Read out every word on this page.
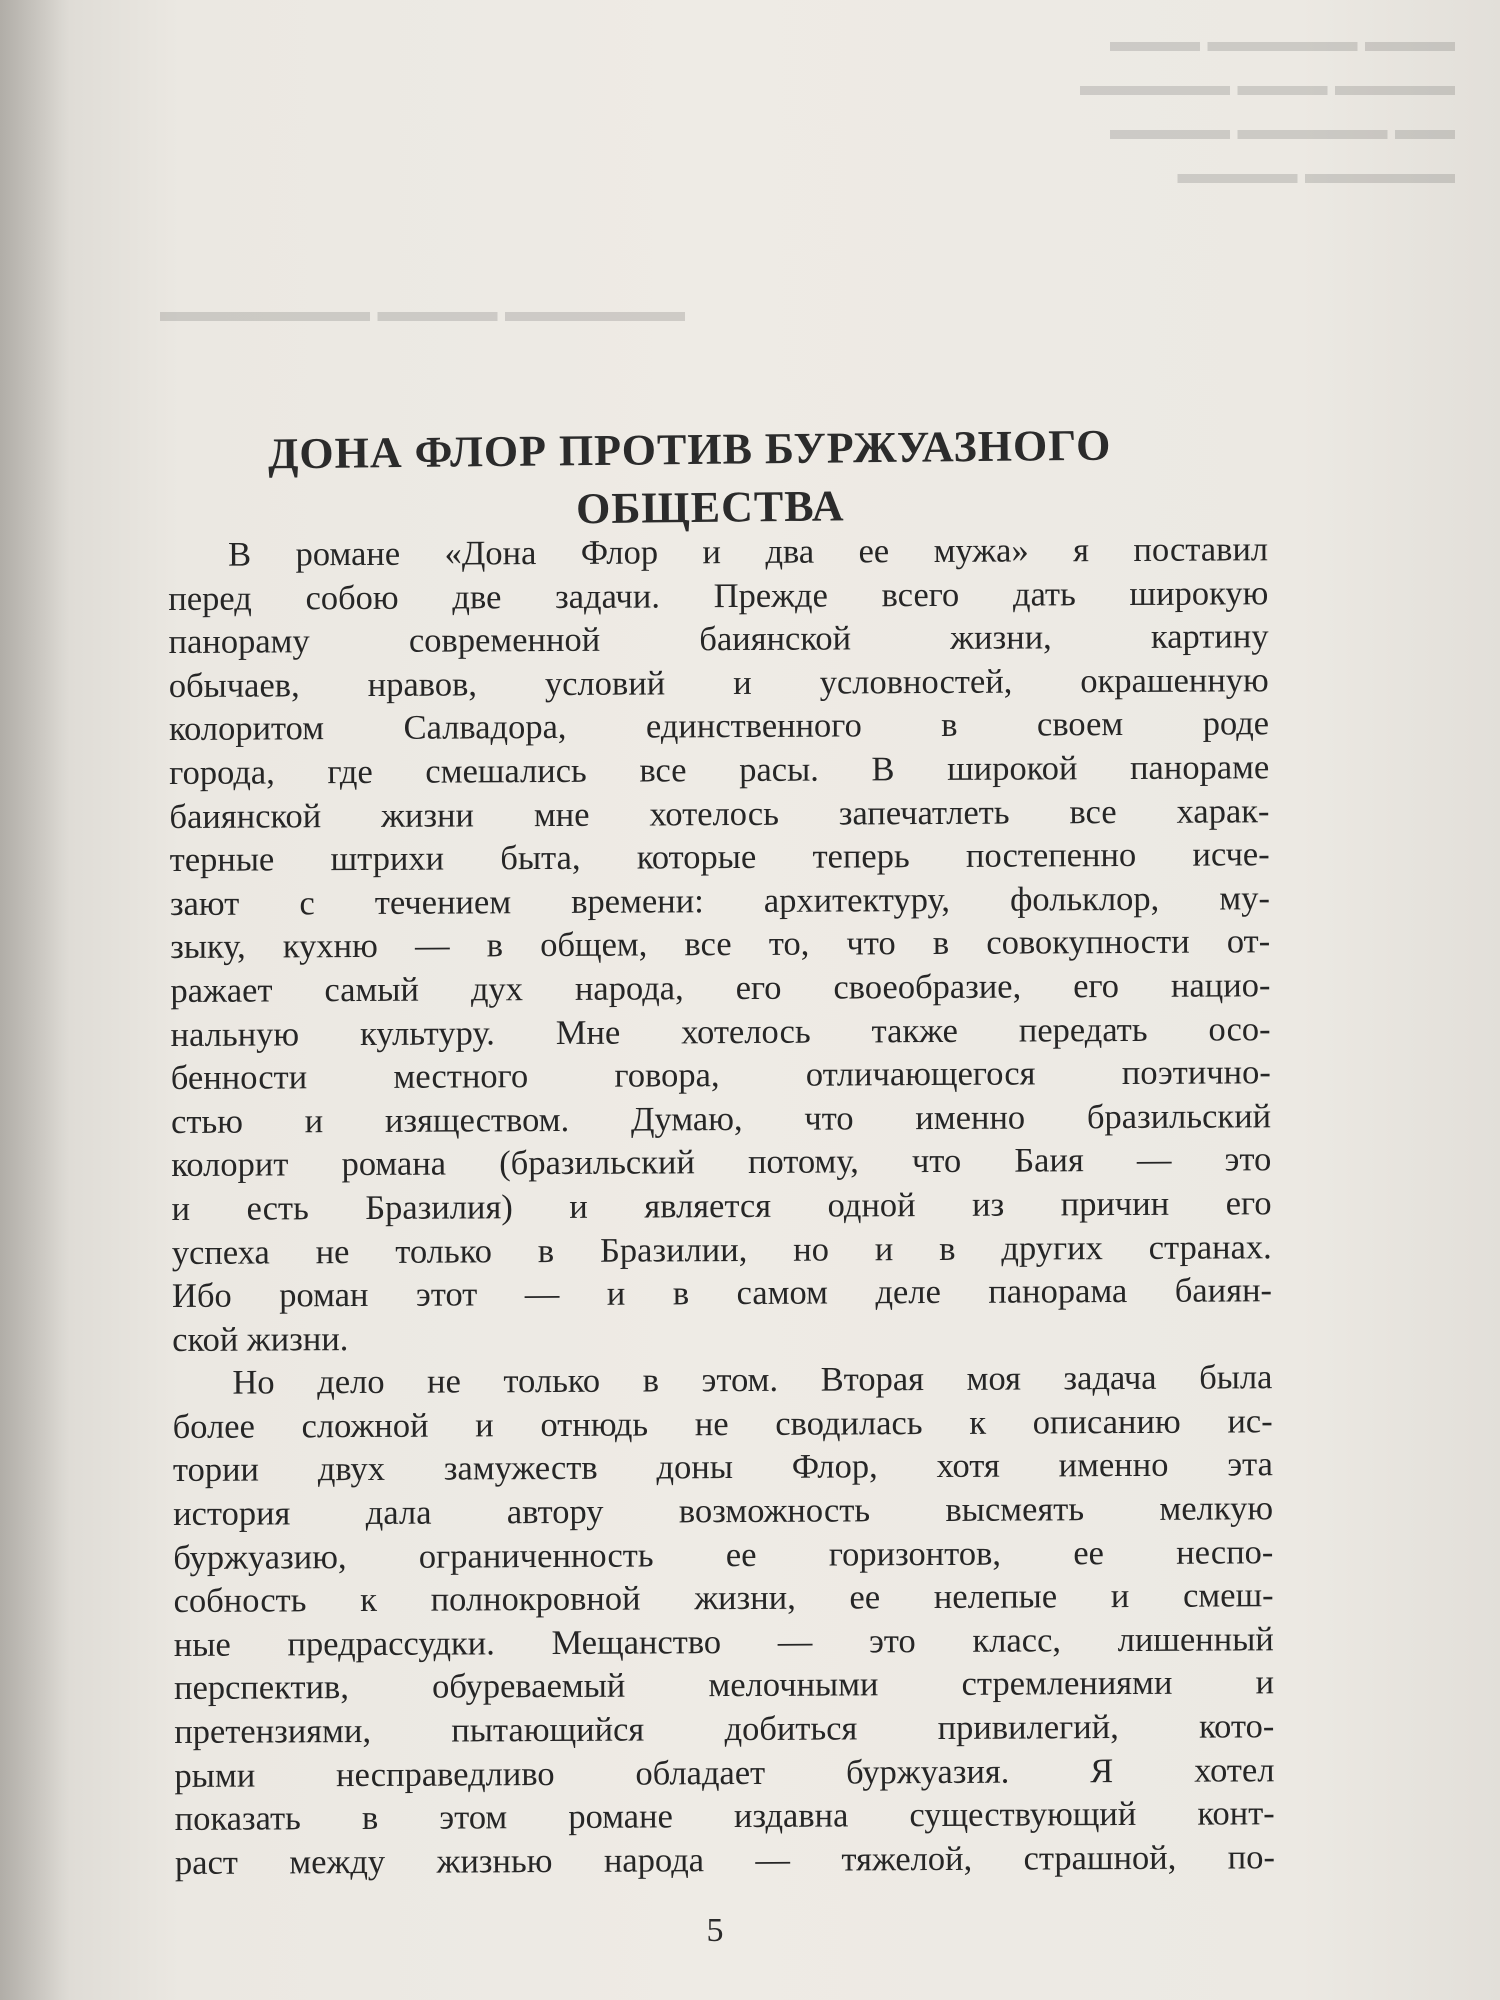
▬▬▬ ▬▬▬▬▬ ▬▬▬
▬▬▬▬ ▬▬▬ ▬▬▬▬▬
▬▬ ▬▬▬▬▬ ▬▬▬▬
▬▬▬▬▬ ▬▬▬▬
▬▬▬▬▬▬ ▬▬▬▬ ▬▬▬▬▬▬▬
ДОНА ФЛОР ПРОТИВ БУРЖУАЗНОГО
ОБЩЕСТВА
В романе «Дона Флор и два ее мужа» я поставил
перед собою две задачи. Прежде всего дать широкую
панораму современной баиянской жизни, картину
обычаев, нравов, условий и условностей, окрашенную
колоритом Салвадора, единственного в своем роде
города, где смешались все расы. В широкой панораме
баиянской жизни мне хотелось запечатлеть все харак-
терные штрихи быта, которые теперь постепенно исче-
зают с течением времени: архитектуру, фольклор, му-
зыку, кухню — в общем, все то, что в совокупности от-
ражает самый дух народа, его своеобразие, его нацио-
нальную культуру. Мне хотелось также передать осо-
бенности местного говора, отличающегося поэтично-
стью и изяществом. Думаю, что именно бразильский
колорит романа (бразильский потому, что Баия — это
и есть Бразилия) и является одной из причин его
успеха не только в Бразилии, но и в других странах.
Ибо роман этот — и в самом деле панорама баиян-
ской жизни.
Но дело не только в этом. Вторая моя задача была
более сложной и отнюдь не сводилась к описанию ис-
тории двух замужеств доны Флор, хотя именно эта
история дала автору возможность высмеять мелкую
буржуазию, ограниченность ее горизонтов, ее неспо-
собность к полнокровной жизни, ее нелепые и смеш-
ные предрассудки. Мещанство — это класс, лишенный
перспектив, обуреваемый мелочными стремлениями и
претензиями, пытающийся добиться привилегий, кото-
рыми несправедливо обладает буржуазия. Я хотел
показать в этом романе издавна существующий конт-
раст между жизнью народа — тяжелой, страшной, по-
5
